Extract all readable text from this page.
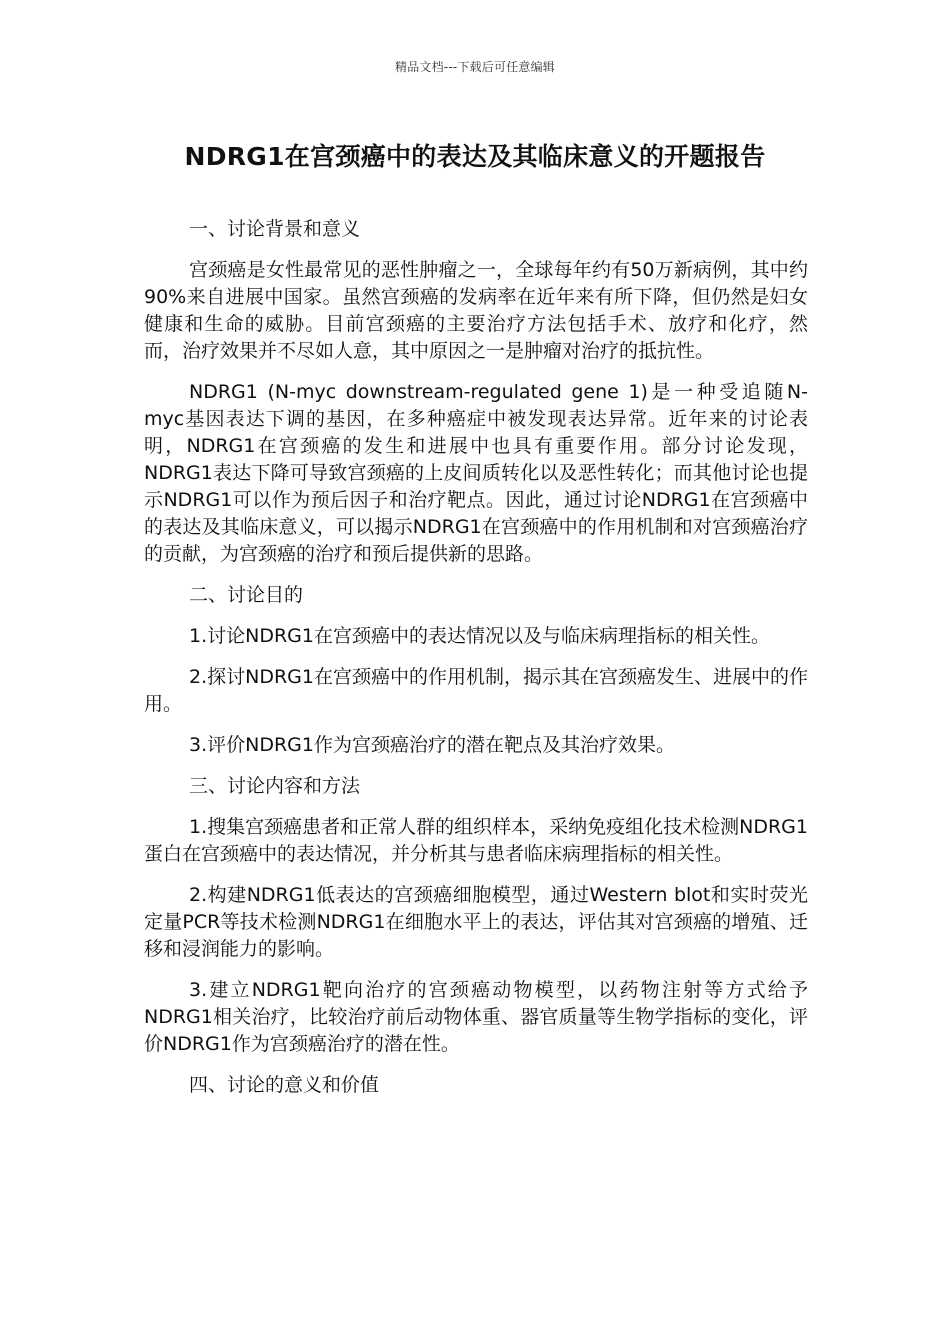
精品文档---下载后可任意编辑
NDRG1在宫颈癌中的表达及其临床意义的开题报告

一、讨论背景和意义

宫颈癌是女性最常见的恶性肿瘤之一，全球每年约有50万新病例，其中约90%来自进展中国家。虽然宫颈癌的发病率在近年来有所下降，但仍然是妇女健康和生命的威胁。目前宫颈癌的主要治疗方法包括手术、放疗和化疗，然而，治疗效果并不尽如人意，其中原因之一是肿瘤对治疗的抵抗性。

NDRG1 (N-myc downstream-regulated gene 1)是一种受追随N-myc基因表达下调的基因，在多种癌症中被发现表达异常。近年来的讨论表明，NDRG1在宫颈癌的发生和进展中也具有重要作用。部分讨论发现，NDRG1表达下降可导致宫颈癌的上皮间质转化以及恶性转化；而其他讨论也提示NDRG1可以作为预后因子和治疗靶点。因此，通过讨论NDRG1在宫颈癌中的表达及其临床意义，可以揭示NDRG1在宫颈癌中的作用机制和对宫颈癌治疗的贡献，为宫颈癌的治疗和预后提供新的思路。

二、讨论目的

1.讨论NDRG1在宫颈癌中的表达情况以及与临床病理指标的相关性。

2.探讨NDRG1在宫颈癌中的作用机制，揭示其在宫颈癌发生、进展中的作用。

3.评价NDRG1作为宫颈癌治疗的潜在靶点及其治疗效果。

三、讨论内容和方法

1.搜集宫颈癌患者和正常人群的组织样本，采纳免疫组化技术检测NDRG1蛋白在宫颈癌中的表达情况，并分析其与患者临床病理指标的相关性。

2.构建NDRG1低表达的宫颈癌细胞模型，通过Western blot和实时荧光定量PCR等技术检测NDRG1在细胞水平上的表达，评估其对宫颈癌的增殖、迁移和浸润能力的影响。

3.建立NDRG1靶向治疗的宫颈癌动物模型，以药物注射等方式给予NDRG1相关治疗，比较治疗前后动物体重、器官质量等生物学指标的变化，评价NDRG1作为宫颈癌治疗的潜在性。

四、讨论的意义和价值
